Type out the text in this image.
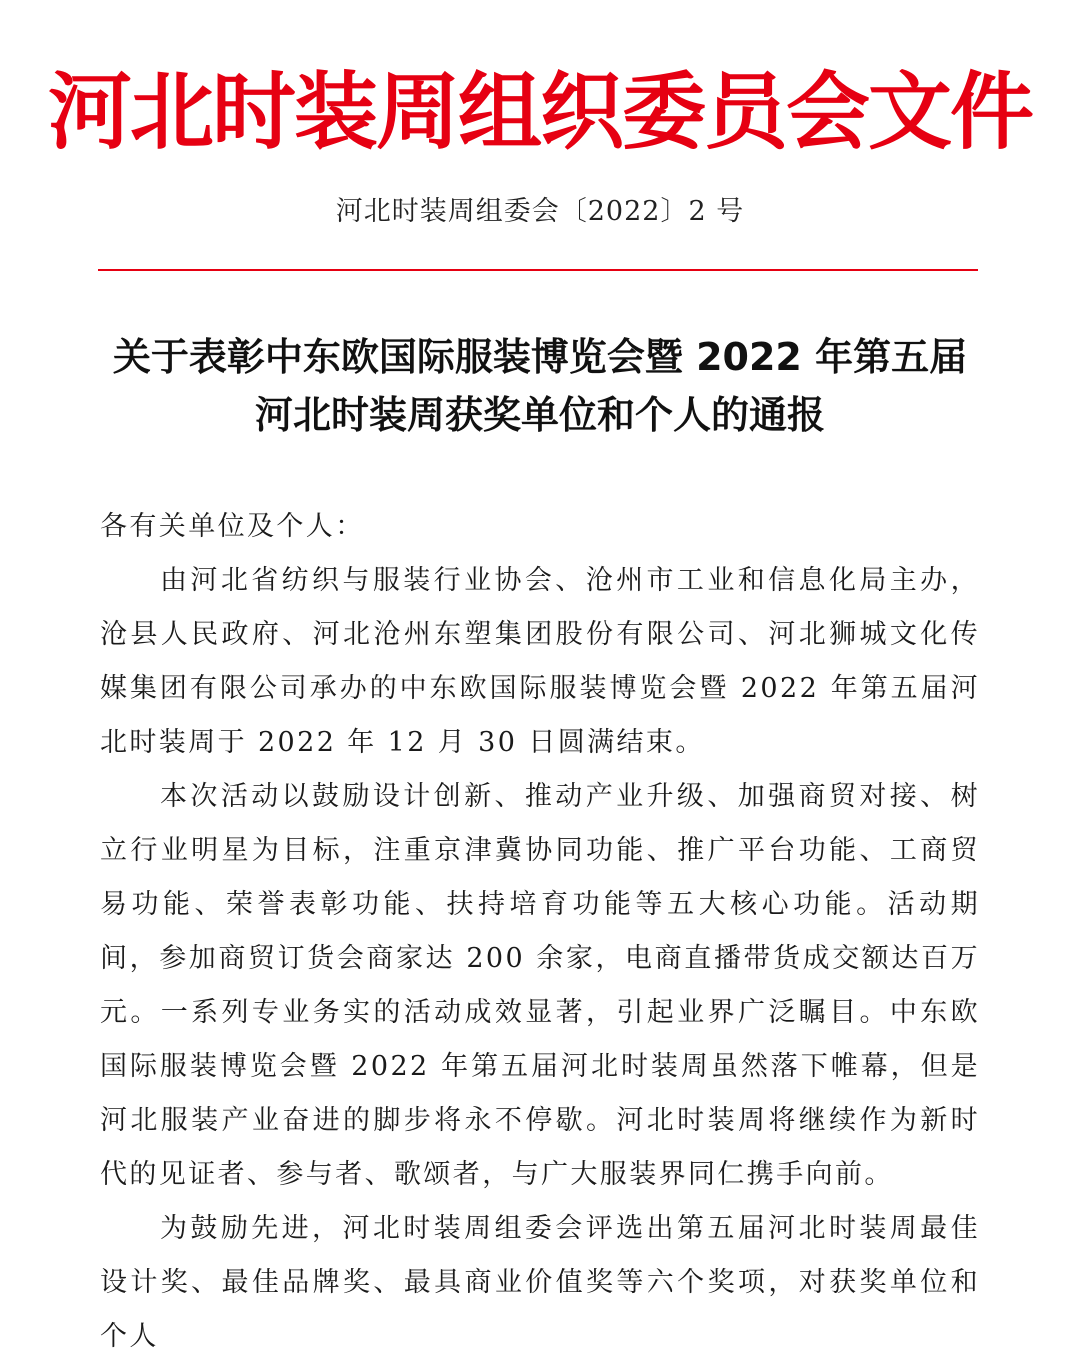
河北时装周组织委员会文件
河北时装周组委会〔2022〕2 号
关于表彰中东欧国际服装博览会暨 2022 年第五届
河北时装周获奖单位和个人的通报

各有关单位及个人：

由河北省纺织与服装行业协会、沧州市工业和信息化局主办，沧县人民政府、河北沧州东塑集团股份有限公司、河北狮城文化传媒集团有限公司承办的中东欧国际服装博览会暨 2022 年第五届河北时装周于 2022 年 12 月 30 日圆满结束。

本次活动以鼓励设计创新、推动产业升级、加强商贸对接、树立行业明星为目标，注重京津冀协同功能、推广平台功能、工商贸易功能、荣誉表彰功能、扶持培育功能等五大核心功能。活动期间，参加商贸订货会商家达 200 余家，电商直播带货成交额达百万元。一系列专业务实的活动成效显著，引起业界广泛瞩目。中东欧国际服装博览会暨 2022 年第五届河北时装周虽然落下帷幕，但是河北服装产业奋进的脚步将永不停歇。河北时装周将继续作为新时代的见证者、参与者、歌颂者，与广大服装界同仁携手向前。

为鼓励先进，河北时装周组委会评选出第五届河北时装周最佳设计奖、最佳品牌奖、最具商业价值奖等六个奖项，对获奖单位和个人
